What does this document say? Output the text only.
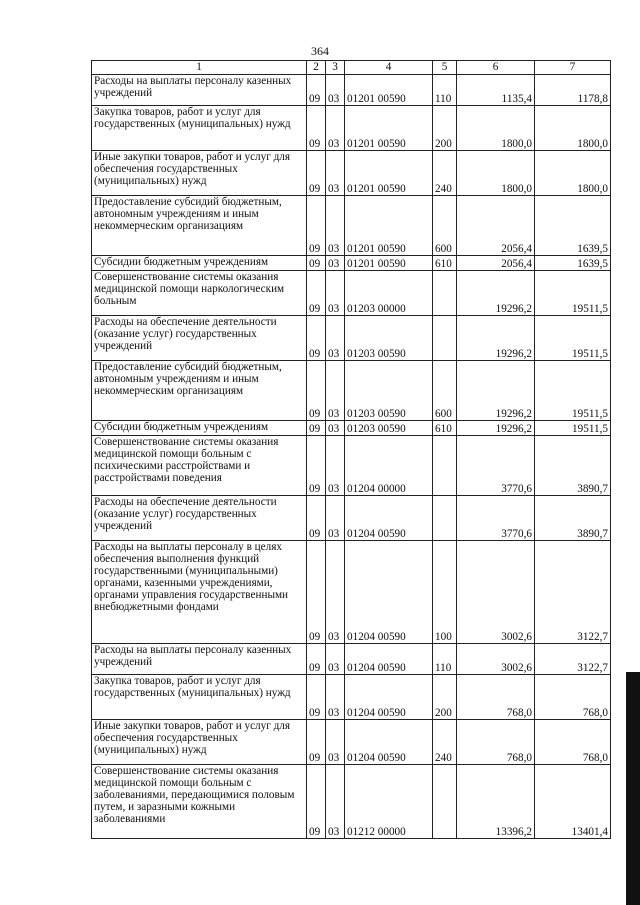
364
1	2	3	4	5	6	7
Расходы на выплаты персоналу казенных учреждений	09	03	01201 00590	110	1135,4	1178,8
Закупка товаров, работ и услуг для государственных (муниципальных) нужд	09	03	01201 00590	200	1800,0	1800,0
Иные закупки товаров, работ и услуг для обеспечения государственных (муниципальных) нужд	09	03	01201 00590	240	1800,0	1800,0
Предоставление субсидий бюджетным, автономным учреждениям и иным некоммерческим организациям	09	03	01201 00590	600	2056,4	1639,5
Субсидии бюджетным учреждениям	09	03	01201 00590	610	2056,4	1639,5
Совершенствование системы оказания медицинской помощи наркологическим больным	09	03	01203 00000		19296,2	19511,5
Расходы на обеспечение деятельности (оказание услуг) государственных учреждений	09	03	01203 00590		19296,2	19511,5
Предоставление субсидий бюджетным, автономным учреждениям и иным некоммерческим организациям	09	03	01203 00590	600	19296,2	19511,5
Субсидии бюджетным учреждениям	09	03	01203 00590	610	19296,2	19511,5
Совершенствование системы оказания медицинской помощи больным с психическими расстройствами и расстройствами поведения	09	03	01204 00000		3770,6	3890,7
Расходы на обеспечение деятельности (оказание услуг) государственных учреждений	09	03	01204 00590		3770,6	3890,7
Расходы на выплаты персоналу в целях обеспечения выполнения функций государственными (муниципальными) органами, казенными учреждениями, органами управления государственными внебюджетными фондами	09	03	01204 00590	100	3002,6	3122,7
Расходы на выплаты персоналу казенных учреждений	09	03	01204 00590	110	3002,6	3122,7
Закупка товаров, работ и услуг для государственных (муниципальных) нужд	09	03	01204 00590	200	768,0	768,0
Иные закупки товаров, работ и услуг для обеспечения государственных (муниципальных) нужд	09	03	01204 00590	240	768,0	768,0
Совершенствование системы оказания медицинской помощи больным с заболеваниями, передающимися половым путем, и заразными кожными заболеваниями	09	03	01212 00000		13396,2	13401,4
